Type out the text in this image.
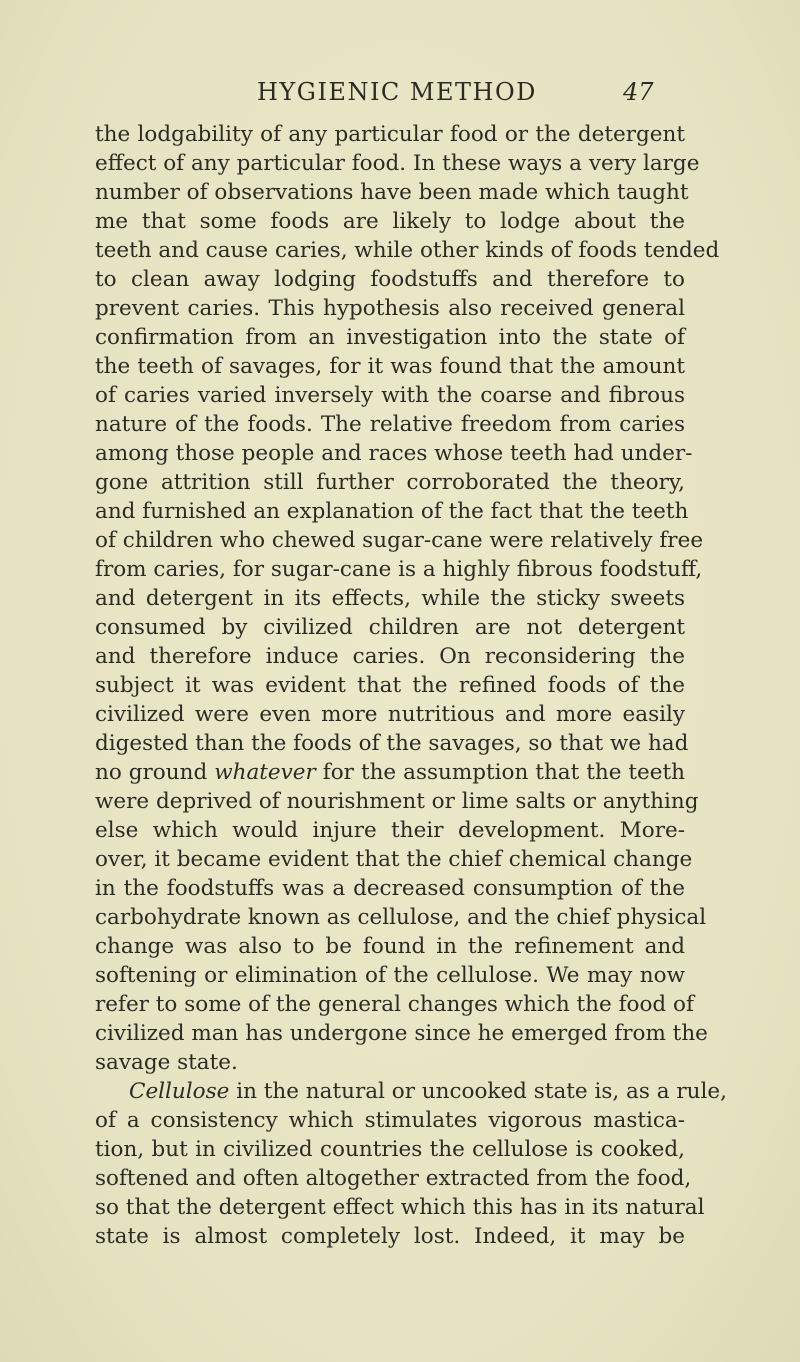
HYGIENIC METHOD	47
the lodgability of any particular food or the detergent
effect of any particular food. In these ways a very large
number of observations have been made which taught
me that some foods are likely to lodge about the
teeth and cause caries, while other kinds of foods tended
to clean away lodging foodstuffs and therefore to
prevent caries. This hypothesis also received general
confirmation from an investigation into the state of
the teeth of savages, for it was found that the amount
of caries varied inversely with the coarse and fibrous
nature of the foods. The relative freedom from caries
among those people and races whose teeth had under-
gone attrition still further corroborated the theory,
and furnished an explanation of the fact that the teeth
of children who chewed sugar-cane were relatively free
from caries, for sugar-cane is a highly fibrous foodstuff,
and detergent in its effects, while the sticky sweets
consumed by civilized children are not detergent
and therefore induce caries. On reconsidering the
subject it was evident that the refined foods of the
civilized were even more nutritious and more easily
digested than the foods of the savages, so that we had
no ground whatever for the assumption that the teeth
were deprived of nourishment or lime salts or anything
else which would injure their development. More-
over, it became evident that the chief chemical change
in the foodstuffs was a decreased consumption of the
carbohydrate known as cellulose, and the chief physical
change was also to be found in the refinement and
softening or elimination of the cellulose. We may now
refer to some of the general changes which the food of
civilized man has undergone since he emerged from the
savage state.
Cellulose in the natural or uncooked state is, as a rule,
of a consistency which stimulates vigorous mastica-
tion, but in civilized countries the cellulose is cooked,
softened and often altogether extracted from the food,
so that the detergent effect which this has in its natural
state is almost completely lost. Indeed, it may be
